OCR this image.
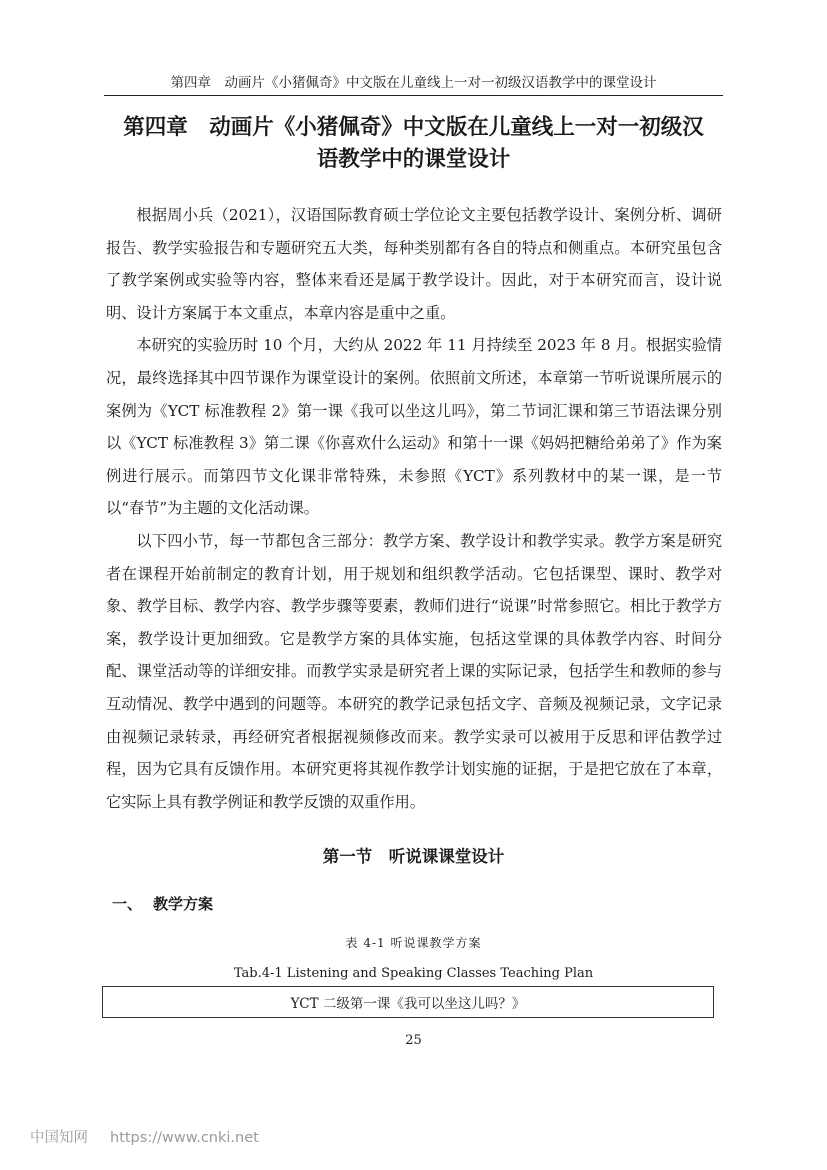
第四章　动画片《小猪佩奇》中文版在儿童线上一对一初级汉语教学中的课堂设计
第四章　动画片《小猪佩奇》中文版在儿童线上一对一初级汉
语教学中的课堂设计

根据周小兵（2021），汉语国际教育硕士学位论文主要包括教学设计、案例分析、调研报告、教学实验报告和专题研究五大类，每种类别都有各自的特点和侧重点。本研究虽包含了教学案例或实验等内容，整体来看还是属于教学设计。因此，对于本研究而言，设计说明、设计方案属于本文重点，本章内容是重中之重。

本研究的实验历时 10 个月，大约从 2022 年 11 月持续至 2023 年 8 月。根据实验情况，最终选择其中四节课作为课堂设计的案例。依照前文所述，本章第一节听说课所展示的案例为《YCT 标准教程 2》第一课《我可以坐这儿吗》，第二节词汇课和第三节语法课分别以《YCT 标准教程 3》第二课《你喜欢什么运动》和第十一课《妈妈把糖给弟弟了》作为案例进行展示。而第四节文化课非常特殊，未参照《YCT》系列教材中的某一课，是一节以“春节”为主题的文化活动课。

以下四小节，每一节都包含三部分：教学方案、教学设计和教学实录。教学方案是研究者在课程开始前制定的教育计划，用于规划和组织教学活动。它包括课型、课时、教学对象、教学目标、教学内容、教学步骤等要素，教师们进行“说课”时常参照它。相比于教学方案，教学设计更加细致。它是教学方案的具体实施，包括这堂课的具体教学内容、时间分配、课堂活动等的详细安排。而教学实录是研究者上课的实际记录，包括学生和教师的参与互动情况、教学中遇到的问题等。本研究的教学记录包括文字、音频及视频记录，文字记录由视频记录转录，再经研究者根据视频修改而来。教学实录可以被用于反思和评估教学过程，因为它具有反馈作用。本研究更将其视作教学计划实施的证据，于是把它放在了本章，它实际上具有教学例证和教学反馈的双重作用。

第一节　听说课课堂设计
一、 教学方案
表 4-1 听说课教学方案
Tab.4-1 Listening and Speaking Classes Teaching Plan
YCT 二级第一课《我可以坐这儿吗？》
25
中国知网 https://www.cnki.net
